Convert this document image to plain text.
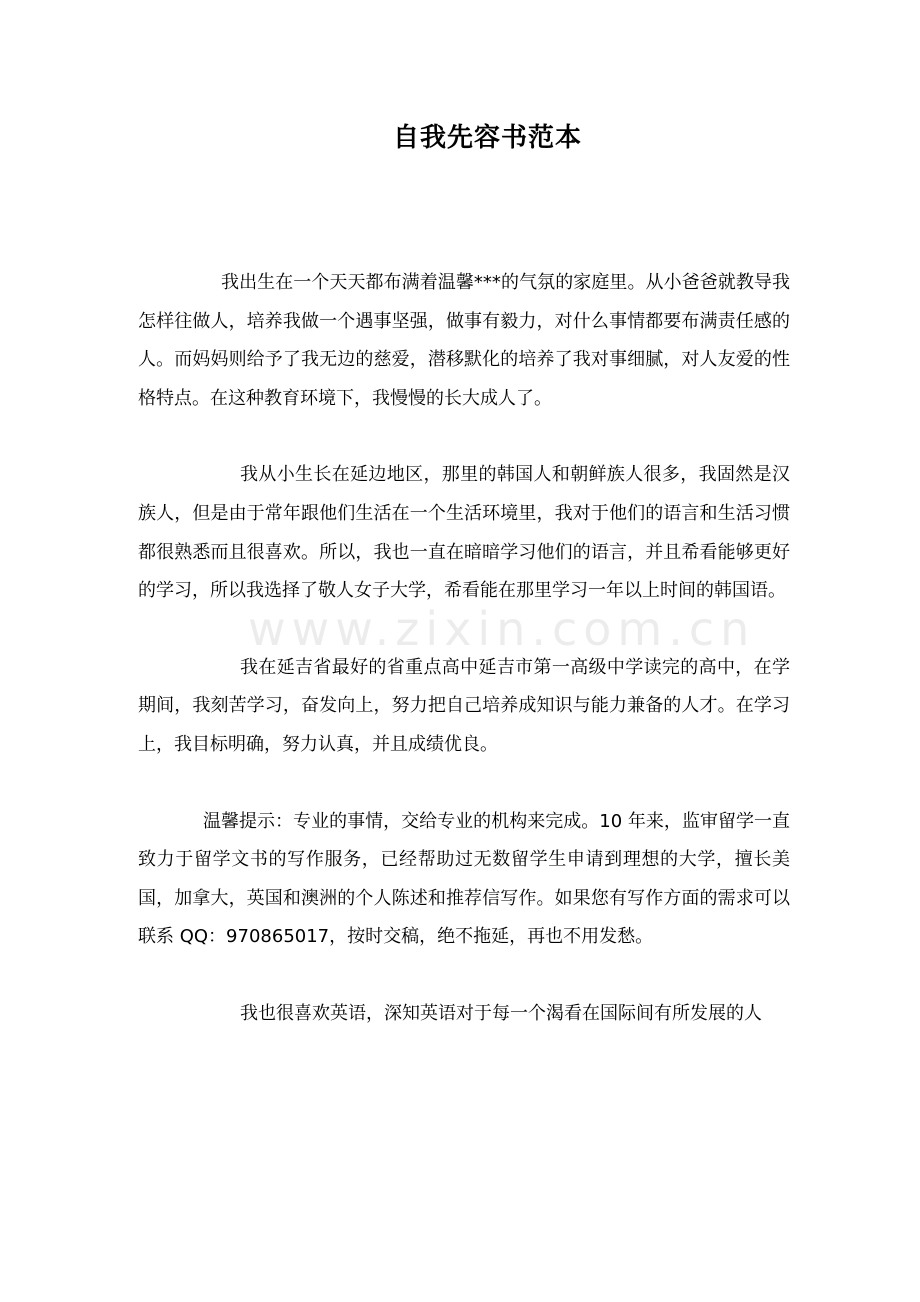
自我先容书范本
www.zixin.com.cn

我出生在一个天天都布满着温馨***的气氛的家庭里。从小爸爸就教导我怎样往做人，培养我做一个遇事坚强，做事有毅力，对什么事情都要布满责任感的人。而妈妈则给予了我无边的慈爱，潜移默化的培养了我对事细腻，对人友爱的性格特点。在这种教育环境下，我慢慢的长大成人了。

我从小生长在延边地区，那里的韩国人和朝鲜族人很多，我固然是汉族人，但是由于常年跟他们生活在一个生活环境里，我对于他们的语言和生活习惯都很熟悉而且很喜欢。所以，我也一直在暗暗学习他们的语言，并且希看能够更好的学习，所以我选择了敬人女子大学，希看能在那里学习一年以上时间的韩国语。

我在延吉省最好的省重点高中延吉市第一高级中学读完的高中，在学期间，我刻苦学习，奋发向上，努力把自己培养成知识与能力兼备的人才。在学习上，我目标明确，努力认真，并且成绩优良。

温馨提示：专业的事情，交给专业的机构来完成。10 年来，监审留学一直致力于留学文书的写作服务，已经帮助过无数留学生申请到理想的大学，擅长美国，加拿大，英国和澳洲的个人陈述和推荐信写作。如果您有写作方面的需求可以 联系 QQ：970865017，按时交稿，绝不拖延，再也不用发愁。

我也很喜欢英语，深知英语对于每一个渴看在国际间有所发展的人
